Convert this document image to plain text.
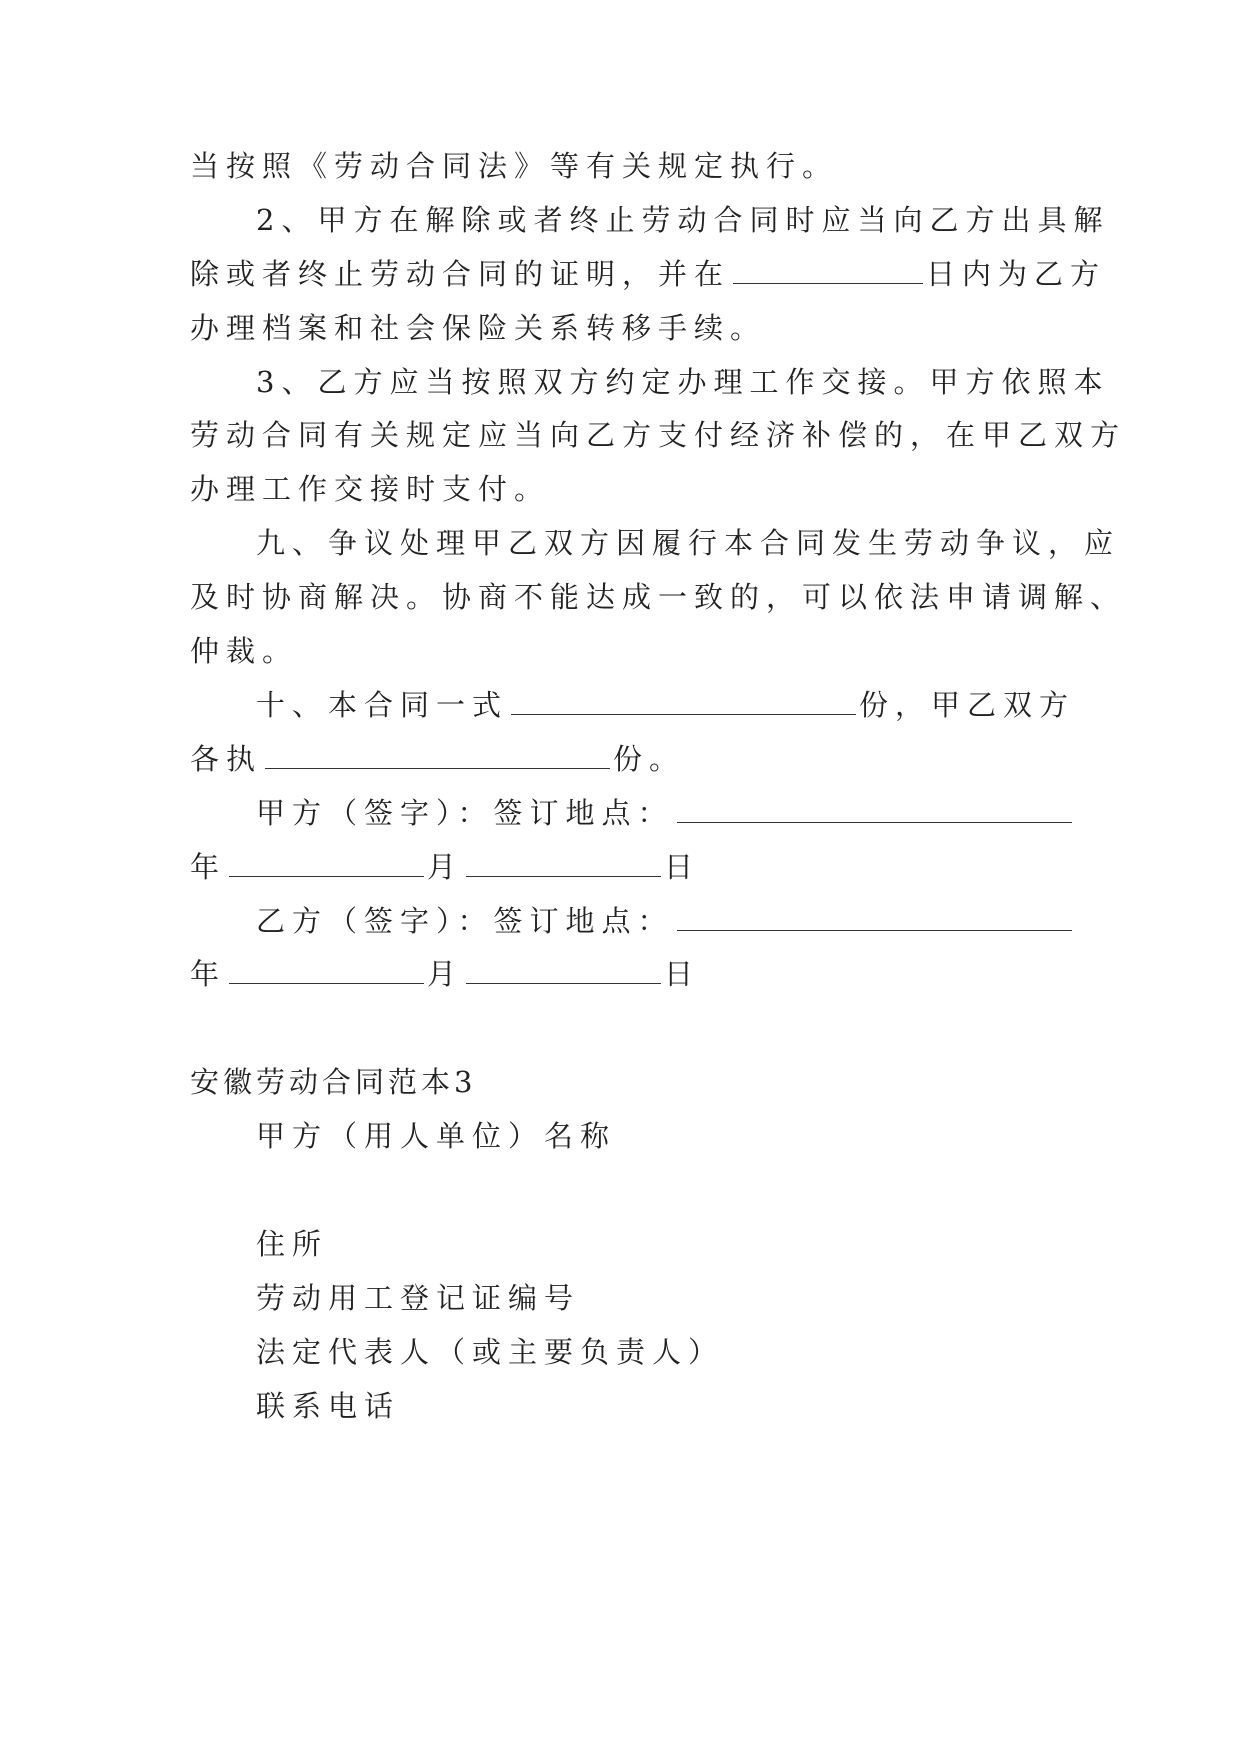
当按照《劳动合同法》等有关规定执行。
2、甲方在解除或者终止劳动合同时应当向乙方出具解
除或者终止劳动合同的证明，并在	日内为乙方
办理档案和社会保险关系转移手续。
3、乙方应当按照双方约定办理工作交接。甲方依照本
劳动合同有关规定应当向乙方支付经济补偿的，在甲乙双方
办理工作交接时支付。
九、争议处理甲乙双方因履行本合同发生劳动争议，应
及时协商解决。协商不能达成一致的，可以依法申请调解、
仲裁。
十、本合同一式	份，甲乙双方
各执	份。
甲方（签字）：签订地点：
年	月	日
乙方（签字）：签订地点：
年	月	日
安徽劳动合同范本3
甲方（用人单位）名称
住所
劳动用工登记证编号
法定代表人（或主要负责人）
联系电话
